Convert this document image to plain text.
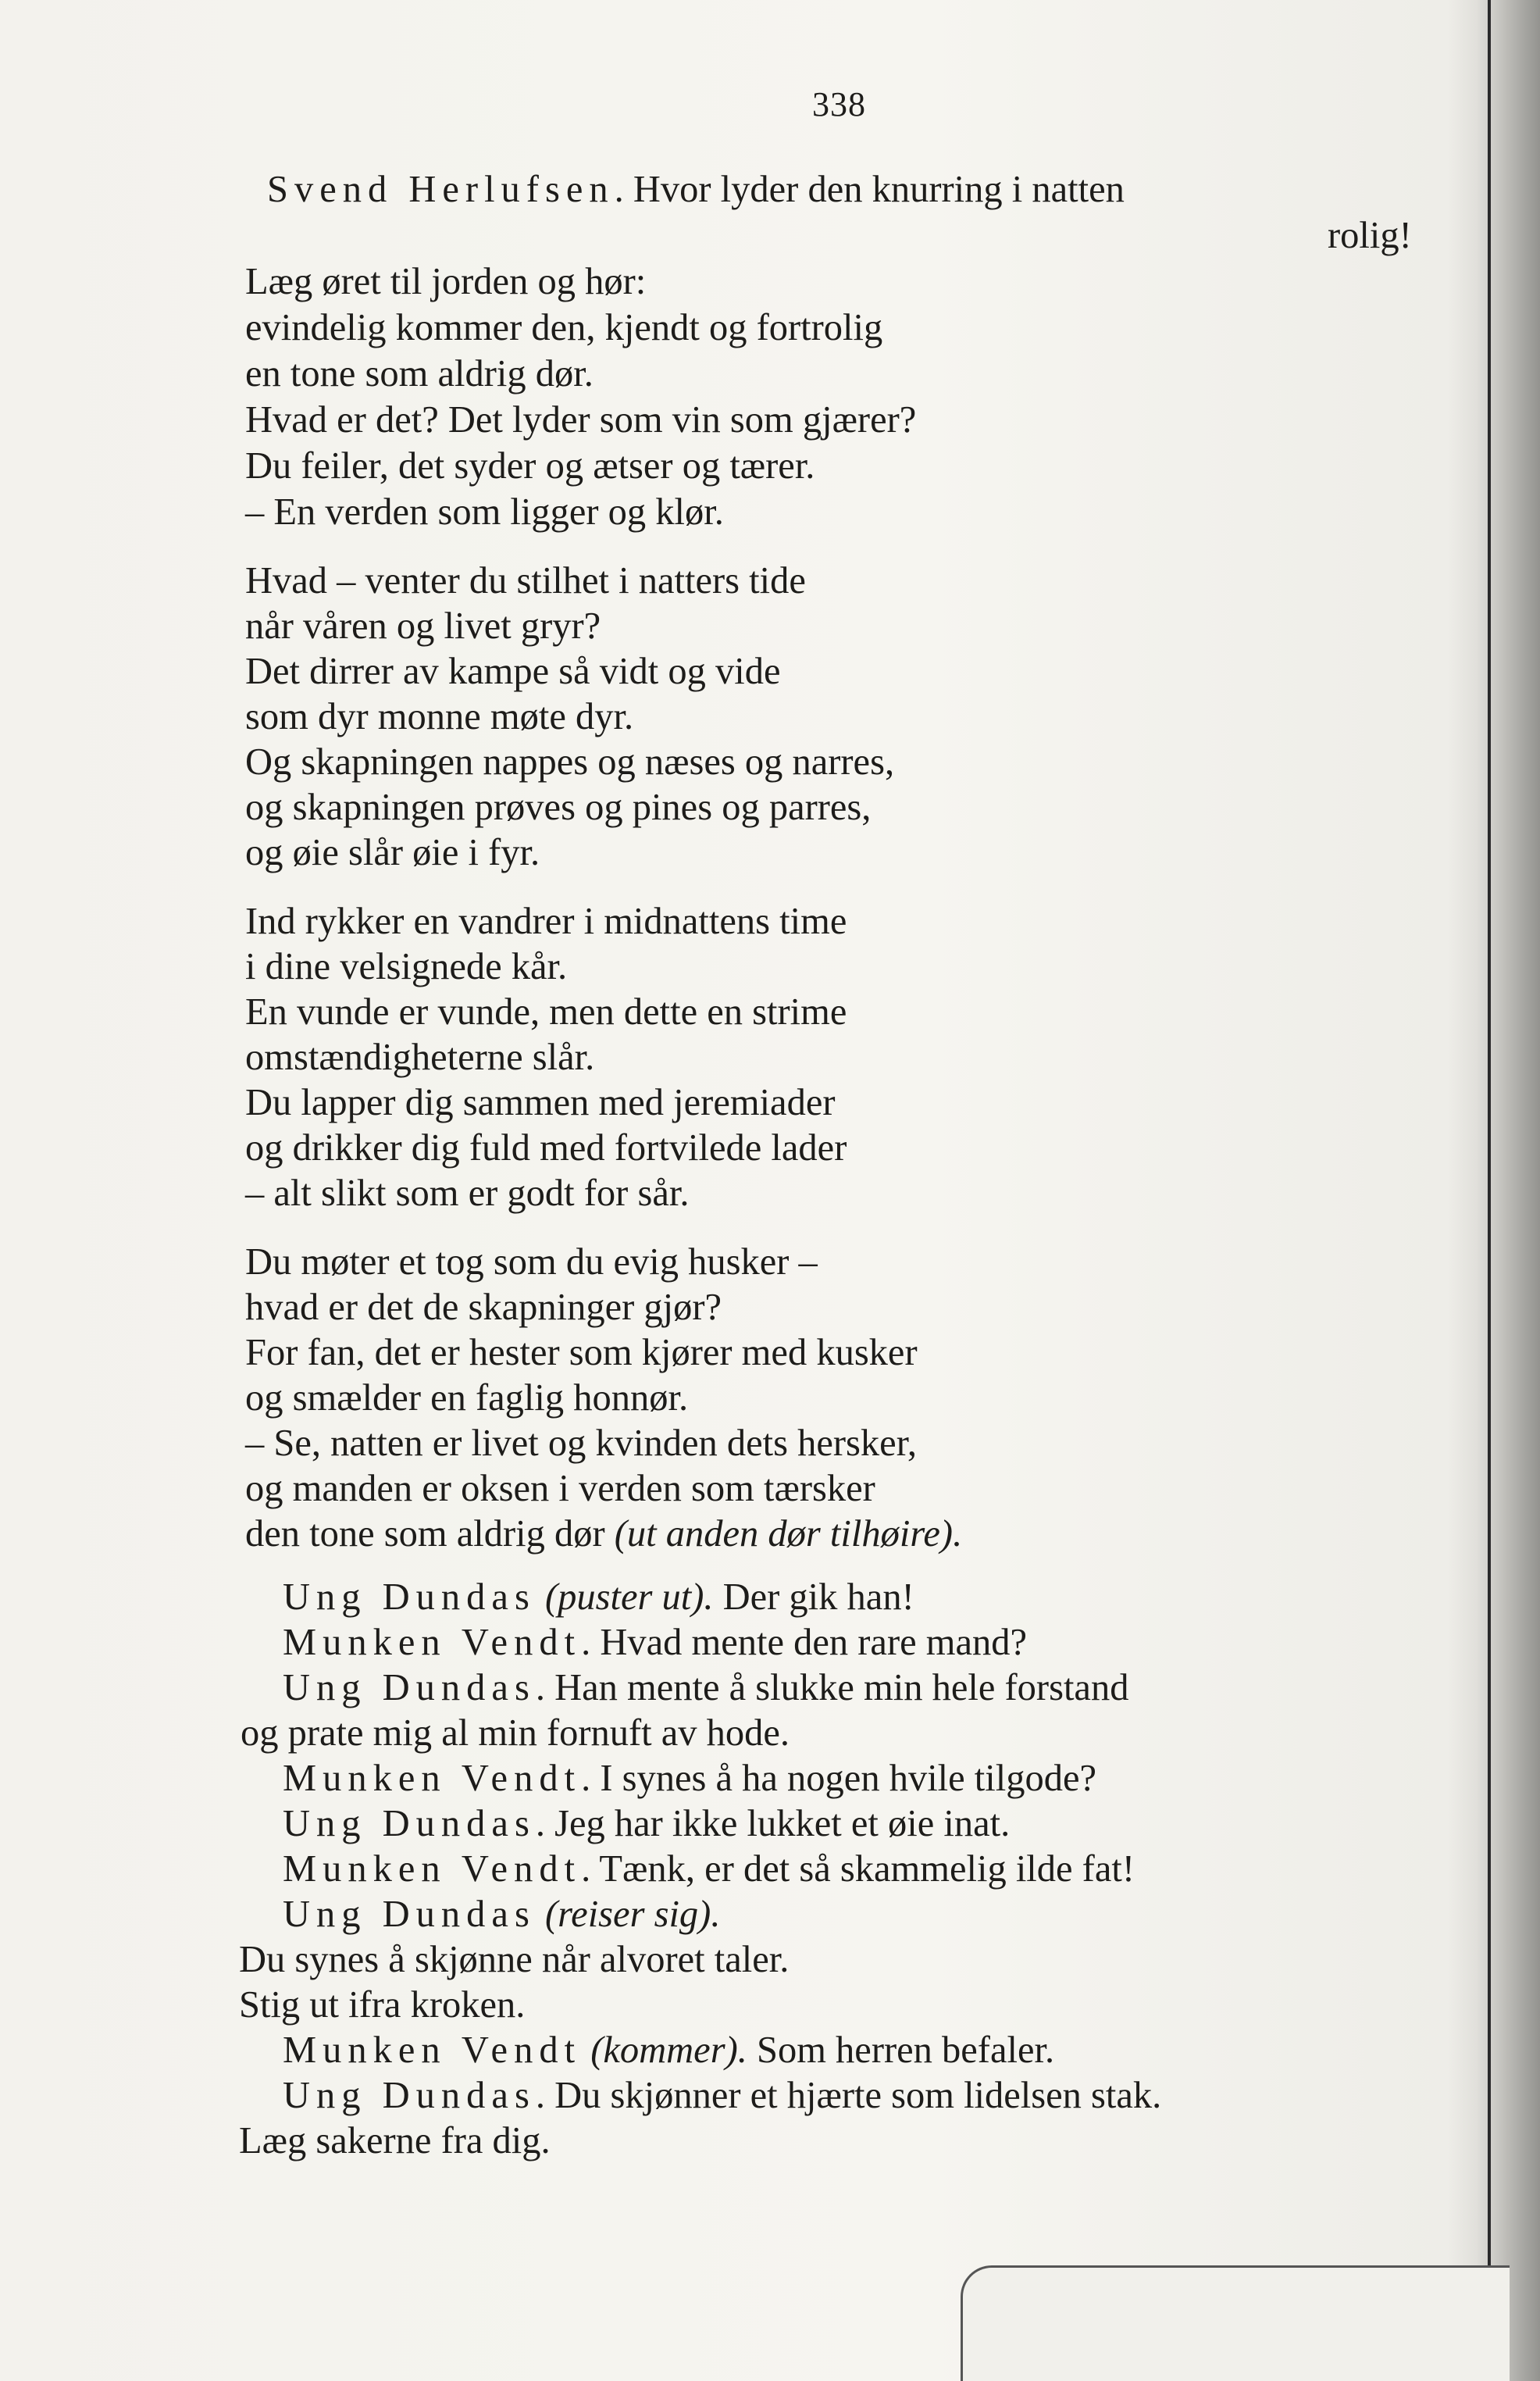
338
Svend Herlufsen. Hvor lyder den knurring i natten
rolig!
Læg øret til jorden og hør:
evindelig kommer den, kjendt og fortrolig
en tone som aldrig dør.
Hvad er det? Det lyder som vin som gjærer?
Du feiler, det syder og ætser og tærer.
– En verden som ligger og klør.
Hvad – venter du stilhet i natters tide
når våren og livet gryr?
Det dirrer av kampe så vidt og vide
som dyr monne møte dyr.
Og skapningen nappes og næses og narres,
og skapningen prøves og pines og parres,
og øie slår øie i fyr.
Ind rykker en vandrer i midnattens time
i dine velsignede kår.
En vunde er vunde, men dette en strime
omstændigheterne slår.
Du lapper dig sammen med jeremiader
og drikker dig fuld med fortvilede lader
– alt slikt som er godt for sår.
Du møter et tog som du evig husker –
hvad er det de skapninger gjør?
For fan, det er hester som kjører med kusker
og smælder en faglig honnør.
– Se, natten er livet og kvinden dets hersker,
og manden er oksen i verden som tærsker
den tone som aldrig dør (ut anden dør tilhøire).
Ung Dundas (puster ut). Der gik han!
Munken Vendt. Hvad mente den rare mand?
Ung Dundas. Han mente å slukke min hele forstand
og prate mig al min fornuft av hode.
Munken Vendt. I synes å ha nogen hvile tilgode?
Ung Dundas. Jeg har ikke lukket et øie inat.
Munken Vendt. Tænk, er det så skammelig ilde fat!
Ung Dundas (reiser sig).
Du synes å skjønne når alvoret taler.
Stig ut ifra kroken.
Munken Vendt (kommer). Som herren befaler.
Ung Dundas. Du skjønner et hjærte som lidelsen stak.
Læg sakerne fra dig.
